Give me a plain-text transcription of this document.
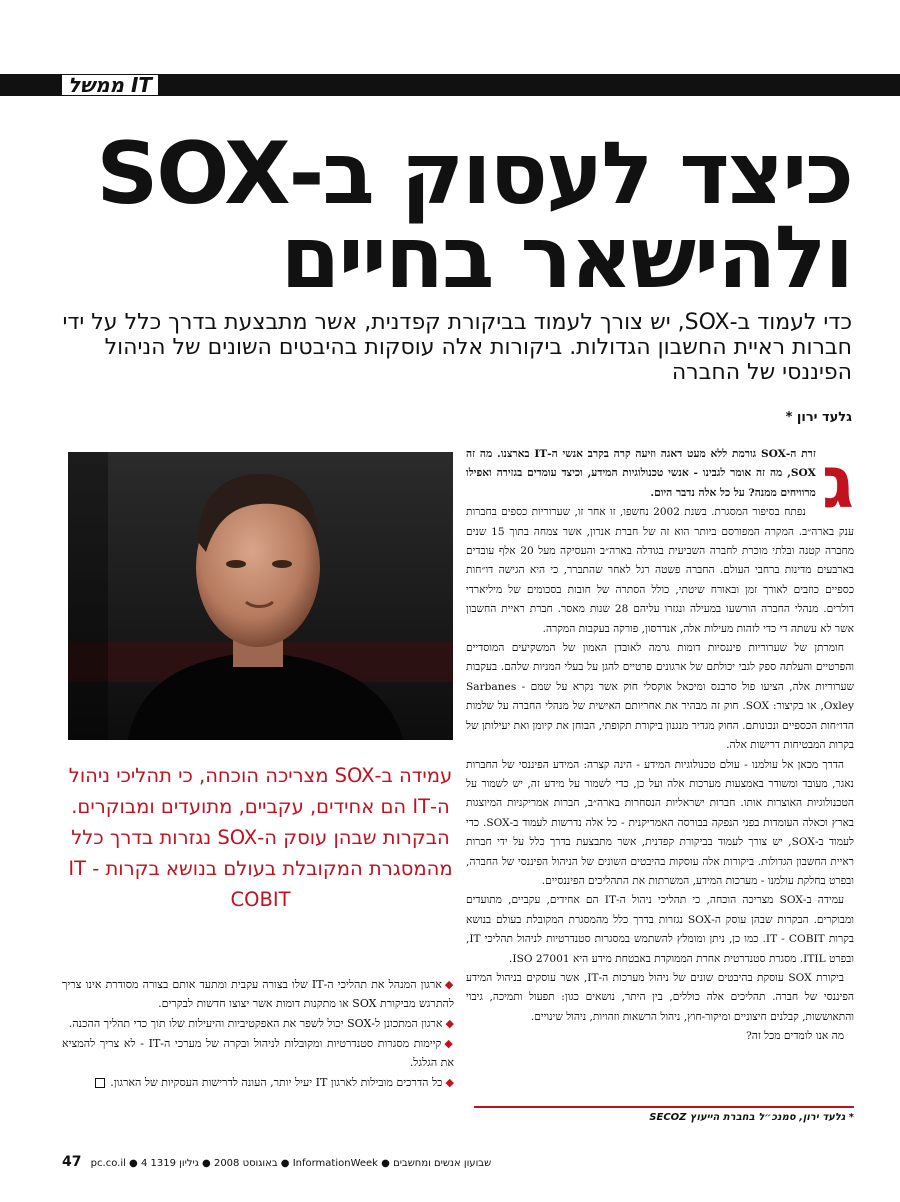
ממשל IT
כיצד לעסוק ב-SOX
ולהישאר בחיים

כדי לעמוד ב-SOX, יש צורך לעמוד בביקורת קפדנית, אשר מתבצעת בדרך כלל על ידי חברות ראיית החשבון הגדולות. ביקורות אלה עוסקות בהיבטים השונים של הניהול הפיננסי של החברה

גלעד ירון *

עמידה ב-SOX מצריכה הוכחה, כי תהליכי ניהול ה-IT הם אחידים, עקביים, מתועדים ומבוקרים. הבקרות שבהן עוסק ה-SOX נגזרות בדרך כלל מהמסגרת המקובלת בעולם בנושא בקרות IT - COBIT

◆ארגון המנהל את תהליכי ה-IT שלו בצורה עקבית ומתעד אותם בצורה מסודרת אינו צריך להתרגש מביקורת SOX או מתקנות דומות אשר יצוצו חדשות לבקרים.
◆ארגון המתכונן ל-SOX יכול לשפר את האפקטיביות והיעילות שלו תוך כדי תהליך ההכנה.
◆קיימות מסגרות סטנדרטיות ומקובלות לניהול ובקרה של מערכי ה-IT - לא צריך להמציא את הגלגל.
◆כל הדרכים מובילות לארגון IT יעיל יותר, העונה לדרישות העסקיות של הארגון.
ג

זרת ה-SOX גורמת ללא מעט דאגה וזיעה קרה בקרב אנשי ה-IT בארצנו. מה זה SOX, מה זה אומר לגבינו - אנשי טכנולוגיות המידע, וכיצד עומדים בגזירה ואפילו מרוויחים ממנה? על כל אלה נדבר היום.

נפתח בסיפור המסגרת. בשנת 2002 נחשפו, זו אחר זו, שערוריות כספים בחברות ענק בארה״ב. המקרה המפורסם ביותר הוא זה של חברת אנרון, אשר צמחה בתוך 15 שנים מחברה קטנה ובלתי מוכרת לחברה השביעית בגודלה בארה״ב והעסיקה מעל 20 אלף עובדים בארבעים מדינות ברחבי העולם. החברה פשטה רגל לאחר שהתברר, כי היא הגישה דו״חות כספיים כוזבים לאורך זמן ובאורח שיטתי, כולל הסתרה של חובות בסכומים של מיליארדי דולרים. מנהלי החברה הורשעו במעילה ונגזרו עליהם 28 שנות מאסר. חברת ראיית החשבון אשר לא עשתה די כדי לזהות מעילות אלה, אנדרסון, פורקה בעקבות המקרה.

חומרתן של שערוריות פיננסיות דומות גרמה לאובדן האמון של המשקיעים המוסדיים והפרטיים והעלתה ספק לגבי יכולתם של ארגונים פרטיים להגן על בעלי המניות שלהם. בעקבות שערוריות אלה, הציעו פול סרבנס ומיכאל אוקסלי חוק אשר נקרא על שמם - Sarbanes Oxley, או בקיצור: SOX. חוק זה מבהיר את אחריותם האישית של מנהלי החברה על שלמות הדו״חות הכספיים ונכונותם. החוק מגדיר מנגנון ביקורת תקופתי, הבוחן את קיומן ואת יעילותן של בקרות המבטיחות דרישות אלה.

הדרך מכאן אל עולמנו - עולם טכנולוגיות המידע - הינה קצרה: המידע הפיננסי של החברות נאגר, מעובד ומשודר באמצעות מערכות אלה ועל כן, כדי לשמור על מידע זה, יש לשמור על הטכנולוגיות האוצרות אותו. חברות ישראליות הנסחרות בארה״ב, חברות אמריקניות המיוצגות בארץ וכאלה העומדות בפני הנפקה בבורסה האמריקנית - כל אלה נדרשות לעמוד ב-SOX. כדי לעמוד ב-SOX, יש צורך לעמוד בביקורת קפדנית, אשר מתבצעת בדרך כלל על ידי חברות ראיית החשבון הגדולות. ביקורות אלה עוסקות בהיבטים השונים של הניהול הפיננסי של החברה, ובפרט בחלקת עולמנו - מערכות המידע, המשרתות את התהליכים הפיננסיים.

עמידה ב-SOX מצריכה הוכחה, כי תהליכי ניהול ה-IT הם אחידים, עקביים, מתועדים ומבוקרים. הבקרות שבהן עוסק ה-SOX נגזרות בדרך כלל מהמסגרת המקובלת בעולם בנושא בקרות IT - COBIT. כמו כן, ניתן ומומלץ להשתמש במסגרות סטנדרטיות לניהול תהליכי IT, ובפרט ITIL. מסגרת סטנדרטית אחרת הממוקדת באבטחת מידע היא ISO 27001.

ביקורת SOX עוסקת בהיבטים שונים של ניהול מערכות ה-IT, אשר עוסקים בניהול המידע הפיננסי של חברה. תהליכים אלה כוללים, בין היתר, נושאים כגון: תפעול ותמיכה, גיבוי והתאוששות, קבלנים חיצוניים ומיקור-חוץ, ניהול הרשאות וזהויות, ניהול שינויים.

מה אנו לומדים מכל זה?

* גלעד ירון, סמנכ״ל בחברת הייעוץ SECOZ
47 pc.co.il ● 4 באוגוסט 2008 ● גיליון 1319 ● InformationWeek ● שבועון אנשים ומחשבים
